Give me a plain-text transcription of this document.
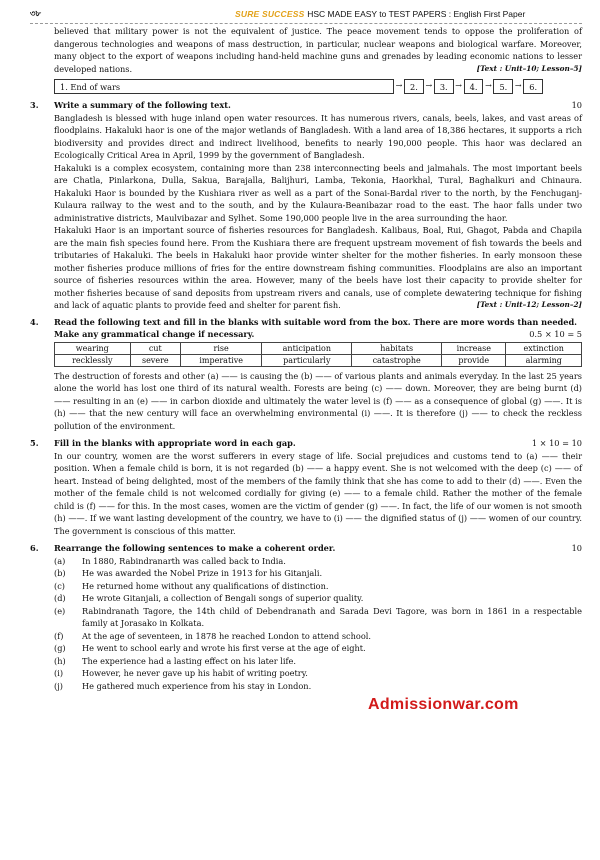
৩৮	SURE SUCCESS HSC MADE EASY to TEST PAPERS : English First Paper

believed that military power is not the equivalent of justice. The peace movement tends to oppose the proliferation of dangerous technologies and weapons of mass destruction, in particular, nuclear weapons and biological warfare. Moreover, many object to the export of weapons including hand-held machine guns and grenades by leading economic nations to lesser developed nations.	[Text : Unit–10; Lesson–5]

1. End of wars	→ 2. → 3. → 4. → 5. → 6.
3.	Write a summary of the following text.	10

Bangladesh is blessed with huge inland open water resources. It has numerous rivers, canals, beels, lakes, and vast areas of floodplains. Hakaluki haor is one of the major wetlands of Bangladesh. With a land area of 18,386 hectares, it supports a rich biodiversity and provides direct and indirect livelihood, benefits to nearly 190,000 people. This haor was declared an Ecologically Critical Area in April, 1999 by the government of Bangladesh.

Hakaluki is a complex ecosystem, containing more than 238 interconnecting beels and jalmahals. The most important beels are Chatla, Pinlarkona, Dulla, Sakua, Barajalla, Balijhuri, Lamba, Tekonia, Haorkhal, Tural, Baghalkuri and Chinaura. Hakaluki Haor is bounded by the Kushiara river as well as a part of the Sonai-Bardal river to the north, by the Fenchuganj-Kulaura railway to the west and to the south, and by the Kulaura-Beanibazar road to the east. The haor falls under two administrative districts, Maulvibazar and Sylhet. Some 190,000 people live in the area surrounding the haor.

Hakaluki Haor is an important source of fisheries resources for Bangladesh. Kalibaus, Boal, Rui, Ghagot, Pabda and Chapila are the main fish species found here. From the Kushiara there are frequent upstream movement of fish towards the beels and tributaries of Hakaluki. The beels in Hakaluki haor provide winter shelter for the mother fisheries. In early monsoon these mother fisheries produce millions of fries for the entire downstream fishing communities. Floodplains are also an important source of fisheries resources within the area. However, many of the beels have lost their capacity to provide shelter for mother fisheries because of sand deposits from upstream rivers and canals, use of complete dewatering technique for fishing and lack of aquatic plants to provide feed and shelter for parent fish.	[Text : Unit–12; Lesson–2]

4.	Read the following text and fill in the blanks with suitable word from the box. There are more words than needed. Make any grammatical change if necessary.	0.5 × 10 = 5
wearing	cut	rise	anticipation	habitats	increase	extinction
recklessly	severe	imperative	particularly	catastrophe	provide	alarming

The destruction of forests and other (a) —— is causing the (b) —— of various plants and animals everyday. In the last 25 years alone the world has lost one third of its natural wealth. Forests are being (c) —— down. Moreover, they are being burnt (d) —— resulting in an (e) —— in carbon dioxide and ultimately the water level is (f) —— as a consequence of global (g) ——. It is (h) —— that the new century will face an overwhelming environmental (i) ——. It is therefore (j) —— to check the reckless pollution of the environment.

5.	Fill in the blanks with appropriate word in each gap.	1 × 10 = 10

In our country, women are the worst sufferers in every stage of life. Social prejudices and customs tend to (a) —— their position. When a female child is born, it is not regarded (b) —— a happy event. She is not welcomed with the deep (c) —— of heart. Instead of being delighted, most of the members of the family think that she has come to add to their (d) ——. Even the mother of the female child is not welcomed cordially for giving (e) —— to a female child. Rather the mother of the female child is (f) —— for this. In the most cases, women are the victim of gender (g) ——. In fact, the life of our women is not smooth (h) ——. If we want lasting development of the country, we have to (i) —— the dignified status of (j) —— women of our country. The government is conscious of this matter.

6.	Rearrange the following sentences to make a coherent order.	10
(a)	In 1880, Rabindranarth was called back to India.
(b)	He was awarded the Nobel Prize in 1913 for his Gitanjali.
(c)	He returned home without any qualifications of distinction.
(d)	He wrote Gitanjali, a collection of Bengali songs of superior quality.
(e)	Rabindranath Tagore, the 14th child of Debendranath and Sarada Devi Tagore, was born in 1861 in a respectable family at Jorasako in Kolkata.
(f)	At the age of seventeen, in 1878 he reached London to attend school.
(g)	He went to school early and wrote his first verse at the age of eight.
(h)	The experience had a lasting effect on his later life.
(i)	However, he never gave up his habit of writing poetry.
(j)	He gathered much experience from his stay in London.
Admissionwar.com
